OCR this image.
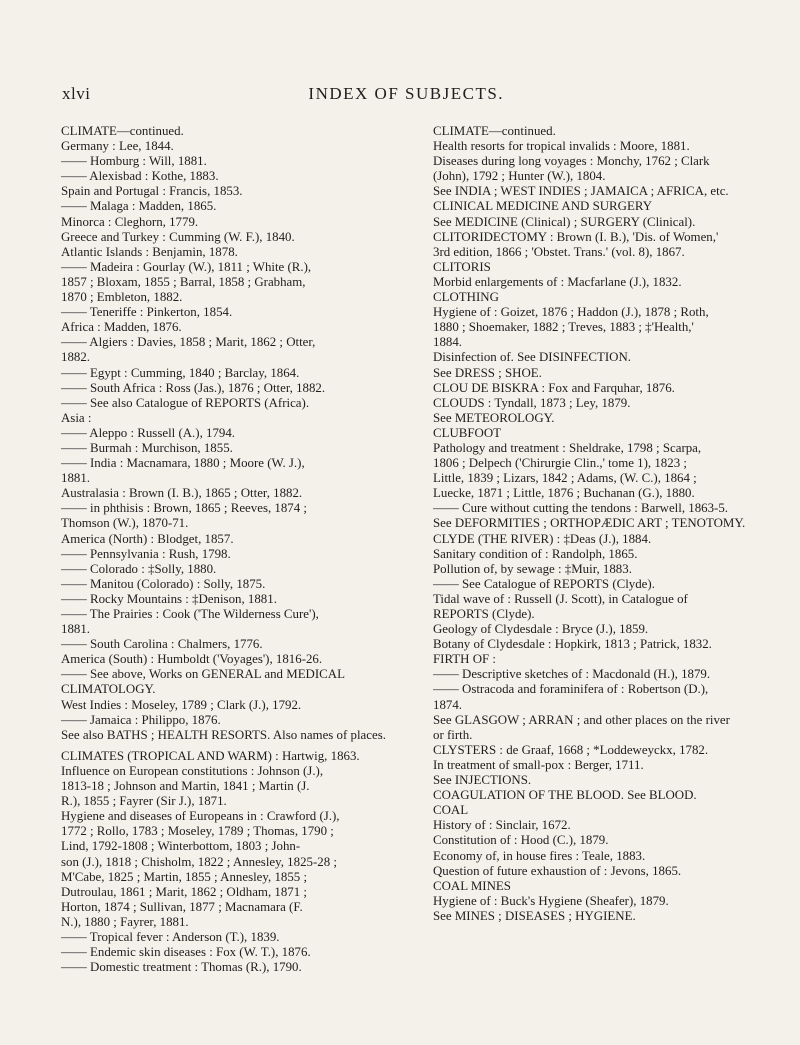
xlvi	INDEX OF SUBJECTS.
CLIMATE—continued.
Germany : Lee, 1844.
—— Homburg : Will, 1881.
—— Alexisbad : Kothe, 1883.
Spain and Portugal : Francis, 1853.
—— Malaga : Madden, 1865.
Minorca : Cleghorn, 1779.
Greece and Turkey : Cumming (W. F.), 1840.
Atlantic Islands : Benjamin, 1878.
—— Madeira : Gourlay (W.), 1811 ; White (R.),
1857 ; Bloxam, 1855 ; Barral, 1858 ; Grabham,
1870 ; Embleton, 1882.
—— Teneriffe : Pinkerton, 1854.
Africa : Madden, 1876.
—— Algiers : Davies, 1858 ; Marit, 1862 ; Otter,
1882.
—— Egypt : Cumming, 1840 ; Barclay, 1864.
—— South Africa : Ross (Jas.), 1876 ; Otter, 1882.
—— See also Catalogue of REPORTS (Africa).
Asia :
—— Aleppo : Russell (A.), 1794.
—— Burmah : Murchison, 1855.
—— India : Macnamara, 1880 ; Moore (W. J.),
1881.
Australasia : Brown (I. B.), 1865 ; Otter, 1882.
—— in phthisis : Brown, 1865 ; Reeves, 1874 ;
Thomson (W.), 1870-71.
America (North) : Blodget, 1857.
—— Pennsylvania : Rush, 1798.
—— Colorado : ‡Solly, 1880.
—— Manitou (Colorado) : Solly, 1875.
—— Rocky Mountains : ‡Denison, 1881.
—— The Prairies : Cook ('The Wilderness Cure'),
1881.
—— South Carolina : Chalmers, 1776.
America (South) : Humboldt ('Voyages'), 1816-26.
—— See above, Works on GENERAL and MEDICAL
CLIMATOLOGY.
West Indies : Moseley, 1789 ; Clark (J.), 1792.
—— Jamaica : Philippo, 1876.
See also BATHS ; HEALTH RESORTS. Also names of places.

CLIMATES (TROPICAL AND WARM) : Hartwig, 1863.
Influence on European constitutions : Johnson (J.),
1813-18 ; Johnson and Martin, 1841 ; Martin (J.
R.), 1855 ; Fayrer (Sir J.), 1871.
Hygiene and diseases of Europeans in : Crawford (J.),
1772 ; Rollo, 1783 ; Moseley, 1789 ; Thomas, 1790 ;
Lind, 1792-1808 ; Winterbottom, 1803 ; John-
son (J.), 1818 ; Chisholm, 1822 ; Annesley, 1825-28 ;
M'Cabe, 1825 ; Martin, 1855 ; Annesley, 1855 ;
Dutroulau, 1861 ; Marit, 1862 ; Oldham, 1871 ;
Horton, 1874 ; Sullivan, 1877 ; Macnamara (F.
N.), 1880 ; Fayrer, 1881.
—— Tropical fever : Anderson (T.), 1839.
—— Endemic skin diseases : Fox (W. T.), 1876.
—— Domestic treatment : Thomas (R.), 1790.
CLIMATE—continued.
Health resorts for tropical invalids : Moore, 1881.
Diseases during long voyages : Monchy, 1762 ; Clark
(John), 1792 ; Hunter (W.), 1804.
See INDIA ; WEST INDIES ; JAMAICA ; AFRICA, etc.
CLINICAL MEDICINE AND SURGERY
See MEDICINE (Clinical) ; SURGERY (Clinical).
CLITORIDECTOMY : Brown (I. B.), 'Dis. of Women,'
3rd edition, 1866 ; 'Obstet. Trans.' (vol. 8), 1867.
CLITORIS
Morbid enlargements of : Macfarlane (J.), 1832.
CLOTHING
Hygiene of : Goizet, 1876 ; Haddon (J.), 1878 ; Roth,
1880 ; Shoemaker, 1882 ; Treves, 1883 ; ‡'Health,'
1884.
Disinfection of. See DISINFECTION.
See DRESS ; SHOE.
CLOU DE BISKRA : Fox and Farquhar, 1876.
CLOUDS : Tyndall, 1873 ; Ley, 1879.
See METEOROLOGY.
CLUBFOOT
Pathology and treatment : Sheldrake, 1798 ; Scarpa,
1806 ; Delpech ('Chirurgie Clin.,' tome 1), 1823 ;
Little, 1839 ; Lizars, 1842 ; Adams, (W. C.), 1864 ;
Luecke, 1871 ; Little, 1876 ; Buchanan (G.), 1880.
—— Cure without cutting the tendons : Barwell, 1863-5.
See DEFORMITIES ; ORTHOPÆDIC ART ; TENOTOMY.
CLYDE (THE RIVER) : ‡Deas (J.), 1884.
Sanitary condition of : Randolph, 1865.
Pollution of, by sewage : ‡Muir, 1883.
—— See Catalogue of REPORTS (Clyde).
Tidal wave of : Russell (J. Scott), in Catalogue of
REPORTS (Clyde).
Geology of Clydesdale : Bryce (J.), 1859.
Botany of Clydesdale : Hopkirk, 1813 ; Patrick, 1832.
FIRTH OF :
—— Descriptive sketches of : Macdonald (H.), 1879.
—— Ostracoda and foraminifera of : Robertson (D.),
1874.
See GLASGOW ; ARRAN ; and other places on the river
or firth.
CLYSTERS : de Graaf, 1668 ; *Loddeweyckx, 1782.
In treatment of small-pox : Berger, 1711.
See INJECTIONS.
COAGULATION OF THE BLOOD. See BLOOD.
COAL
History of : Sinclair, 1672.
Constitution of : Hood (C.), 1879.
Economy of, in house fires : Teale, 1883.
Question of future exhaustion of : Jevons, 1865.
COAL MINES
Hygiene of : Buck's Hygiene (Sheafer), 1879.
See MINES ; DISEASES ; HYGIENE.
